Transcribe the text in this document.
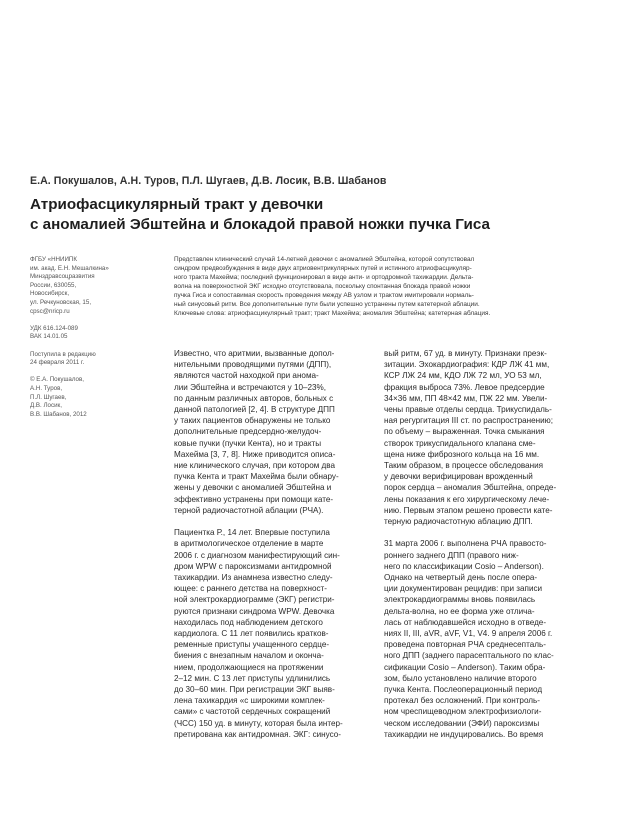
Е.А. Покушалов, А.Н. Туров, П.Л. Шугаев, Д.В. Лосик, В.В. Шабанов
Атриофасцикулярный тракт у девочки
с аномалией Эбштейна и блокадой правой ножки пучка Гиса
ФГБУ «ННИИПК
им. акад. Е.Н. Мешалкина»
Минздравсоцразвития
России, 630055,
Новосибирск,
ул. Речкуновская, 15,
cpsc@nricp.ru
УДК 616.124-089
ВАК 14.01.05
Поступила в редакцию
24 февраля 2011 г.
© Е.А. Покушалов,
А.Н. Туров,
П.Л. Шугаев,
Д.В. Лосик,
В.В. Шабанов, 2012
Представлен клинический случай 14-летней девочки с аномалией Эбштейна, которой сопутствовал
синдром предвозбуждения в виде двух атриовентрикулярных путей и истинного атриофасцикуляр-
ного тракта Махейма; последний функционировал в виде анти- и ортодромной тахикардии. Дельта-
волна на поверхностной ЭКГ исходно отсутствовала, поскольку спонтанная блокада правой ножки
пучка Гиса и сопоставимая скорость проведения между АВ узлом и трактом имитировали нормаль-
ный синусовый ритм. Все дополнительные пути были успешно устранены путем катетерной аблации.
Ключевые слова: атриофасцикулярный тракт; тракт Махейма; аномалия Эбштейна; катетерная аблация.
Известно, что аритмии, вызванные допол-
нительными проводящими путями (ДПП),
являются частой находкой при анома-
лии Эбштейна и встречаются у 10–23%,
по данным различных авторов, больных с
данной патологией [2, 4]. В структуре ДПП
у таких пациентов обнаружены не только
дополнительные предсердно-желудоч-
ковые пучки (пучки Кента), но и тракты
Махейма [3, 7, 8]. Ниже приводится описа-
ние клинического случая, при котором два
пучка Кента и тракт Махейма были обнару-
жены у девочки с аномалией Эбштейна и
эффективно устранены при помощи кате-
терной радиочастотной аблации (РЧА).
Пациентка Р., 14 лет. Впервые поступила
в аритмологическое отделение в марте
2006 г. с диагнозом манифестирующий син-
дром WPW с пароксизмами антидромной
тахикардии. Из анамнеза известно следу-
ющее: с раннего детства на поверхност-
ной электрокардиограмме (ЭКГ) регистри-
руются признаки синдрома WPW. Девочка
находилась под наблюдением детского
кардиолога. С 11 лет появились кратков-
ременные приступы учащенного сердце-
биения с внезапным началом и оконча-
нием, продолжающиеся на протяжении
2–12 мин. С 13 лет приступы удлинились
до 30–60 мин. При регистрации ЭКГ выяв-
лена тахикардия «с широкими комплек-
сами» с частотой сердечных сокращений
(ЧСС) 150 уд. в минуту, которая была интер-
претирована как антидромная. ЭКГ: синусо-
вый ритм, 67 уд. в минуту. Признаки преэк-
зитации. Эхокардиография: КДР ЛЖ 41 мм,
КСР ЛЖ 24 мм, КДО ЛЖ 72 мл, УО 53 мл,
фракция выброса 73%. Левое предсердие
34×36 мм, ПП 48×42 мм, ПЖ 22 мм. Увели-
чены правые отделы сердца. Трикуспидаль-
ная регургитация III ст. по распространению;
по объему – выраженная. Точка смыкания
створок трикуспидального клапана сме-
щена ниже фиброзного кольца на 16 мм.
Таким образом, в процессе обследования
у девочки верифицирован врожденный
порок сердца – аномалия Эбштейна, опреде-
лены показания к его хирургическому лече-
нию. Первым этапом решено провести кате-
терную радиочастотную аблацию ДПП.
31 марта 2006 г. выполнена РЧА правосто-
роннего заднего ДПП (правого ниж-
него по классификации Cosio – Anderson).
Однако на четвертый день после опера-
ции документирован рецидив: при записи
электрокардиограммы вновь появилась
дельта-волна, но ее форма уже отлича-
лась от наблюдавшейся исходно в отведе-
ниях II, III, aVR, aVF, V1, V4. 9 апреля 2006 г.
проведена повторная РЧА среднесепталь-
ного ДПП (заднего парасептального по клас-
сификации Cosio – Anderson). Таким обра-
зом, было установлено наличие второго
пучка Кента. Послеоперационный период
протекал без осложнений. При контроль-
ном чреспищеводном электрофизиологи-
ческом исследовании (ЭФИ) пароксизмы
тахикардии не индуцировались. Во время
